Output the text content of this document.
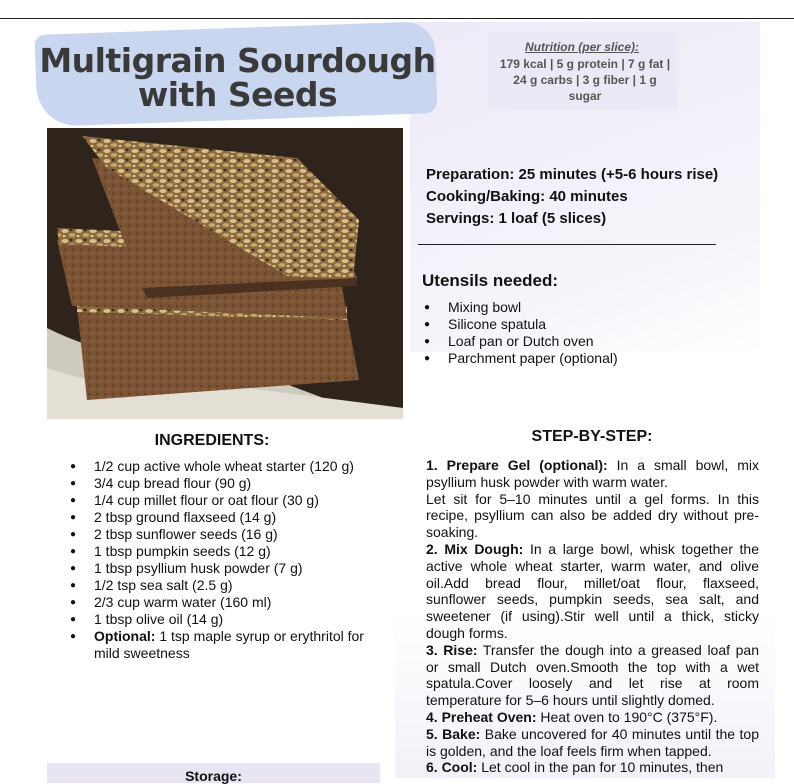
Multigrain Sourdough with Seeds
Nutrition (per slice):
179 kcal | 5 g protein | 7 g fat | 24 g carbs | 3 g fiber | 1 g sugar
Preparation: 25 minutes (+5-6 hours rise)
Cooking/Baking: 40 minutes
Servings: 1 loaf (5 slices)
Utensils needed:
● Mixing bowl
● Silicone spatula
● Loaf pan or Dutch oven
● Parchment paper (optional)
INGREDIENTS:
● 1/2 cup active whole wheat starter (120 g)
● 3/4 cup bread flour (90 g)
● 1/4 cup millet flour or oat flour (30 g)
● 2 tbsp ground flaxseed (14 g)
● 2 tbsp sunflower seeds (16 g)
● 1 tbsp pumpkin seeds (12 g)
● 1 tbsp psyllium husk powder (7 g)
● 1/2 tsp sea salt (2.5 g)
● 2/3 cup warm water (160 ml)
● 1 tbsp olive oil (14 g)
● Optional: 1 tsp maple syrup or erythritol for mild sweetness
STEP-BY-STEP:

1. Prepare Gel (optional): In a small bowl, mix psyllium husk powder with warm water.

Let sit for 5–10 minutes until a gel forms. In this recipe, psyllium can also be added dry without pre-soaking.

2. Mix Dough: In a large bowl, whisk together the active whole wheat starter, warm water, and olive oil.Add bread flour, millet/oat flour, flaxseed, sunflower seeds, pumpkin seeds, sea salt, and sweetener (if using).Stir well until a thick, sticky dough forms.

3. Rise: Transfer the dough into a greased loaf pan or small Dutch oven.Smooth the top with a wet spatula.Cover loosely and let rise at room temperature for 5–6 hours until slightly domed.

4. Preheat Oven: Heat oven to 190°C (375°F).

5. Bake: Bake uncovered for 40 minutes until the top is golden, and the loaf feels firm when tapped.

6. Cool: Let cool in the pan for 10 minutes, then

Storage:
